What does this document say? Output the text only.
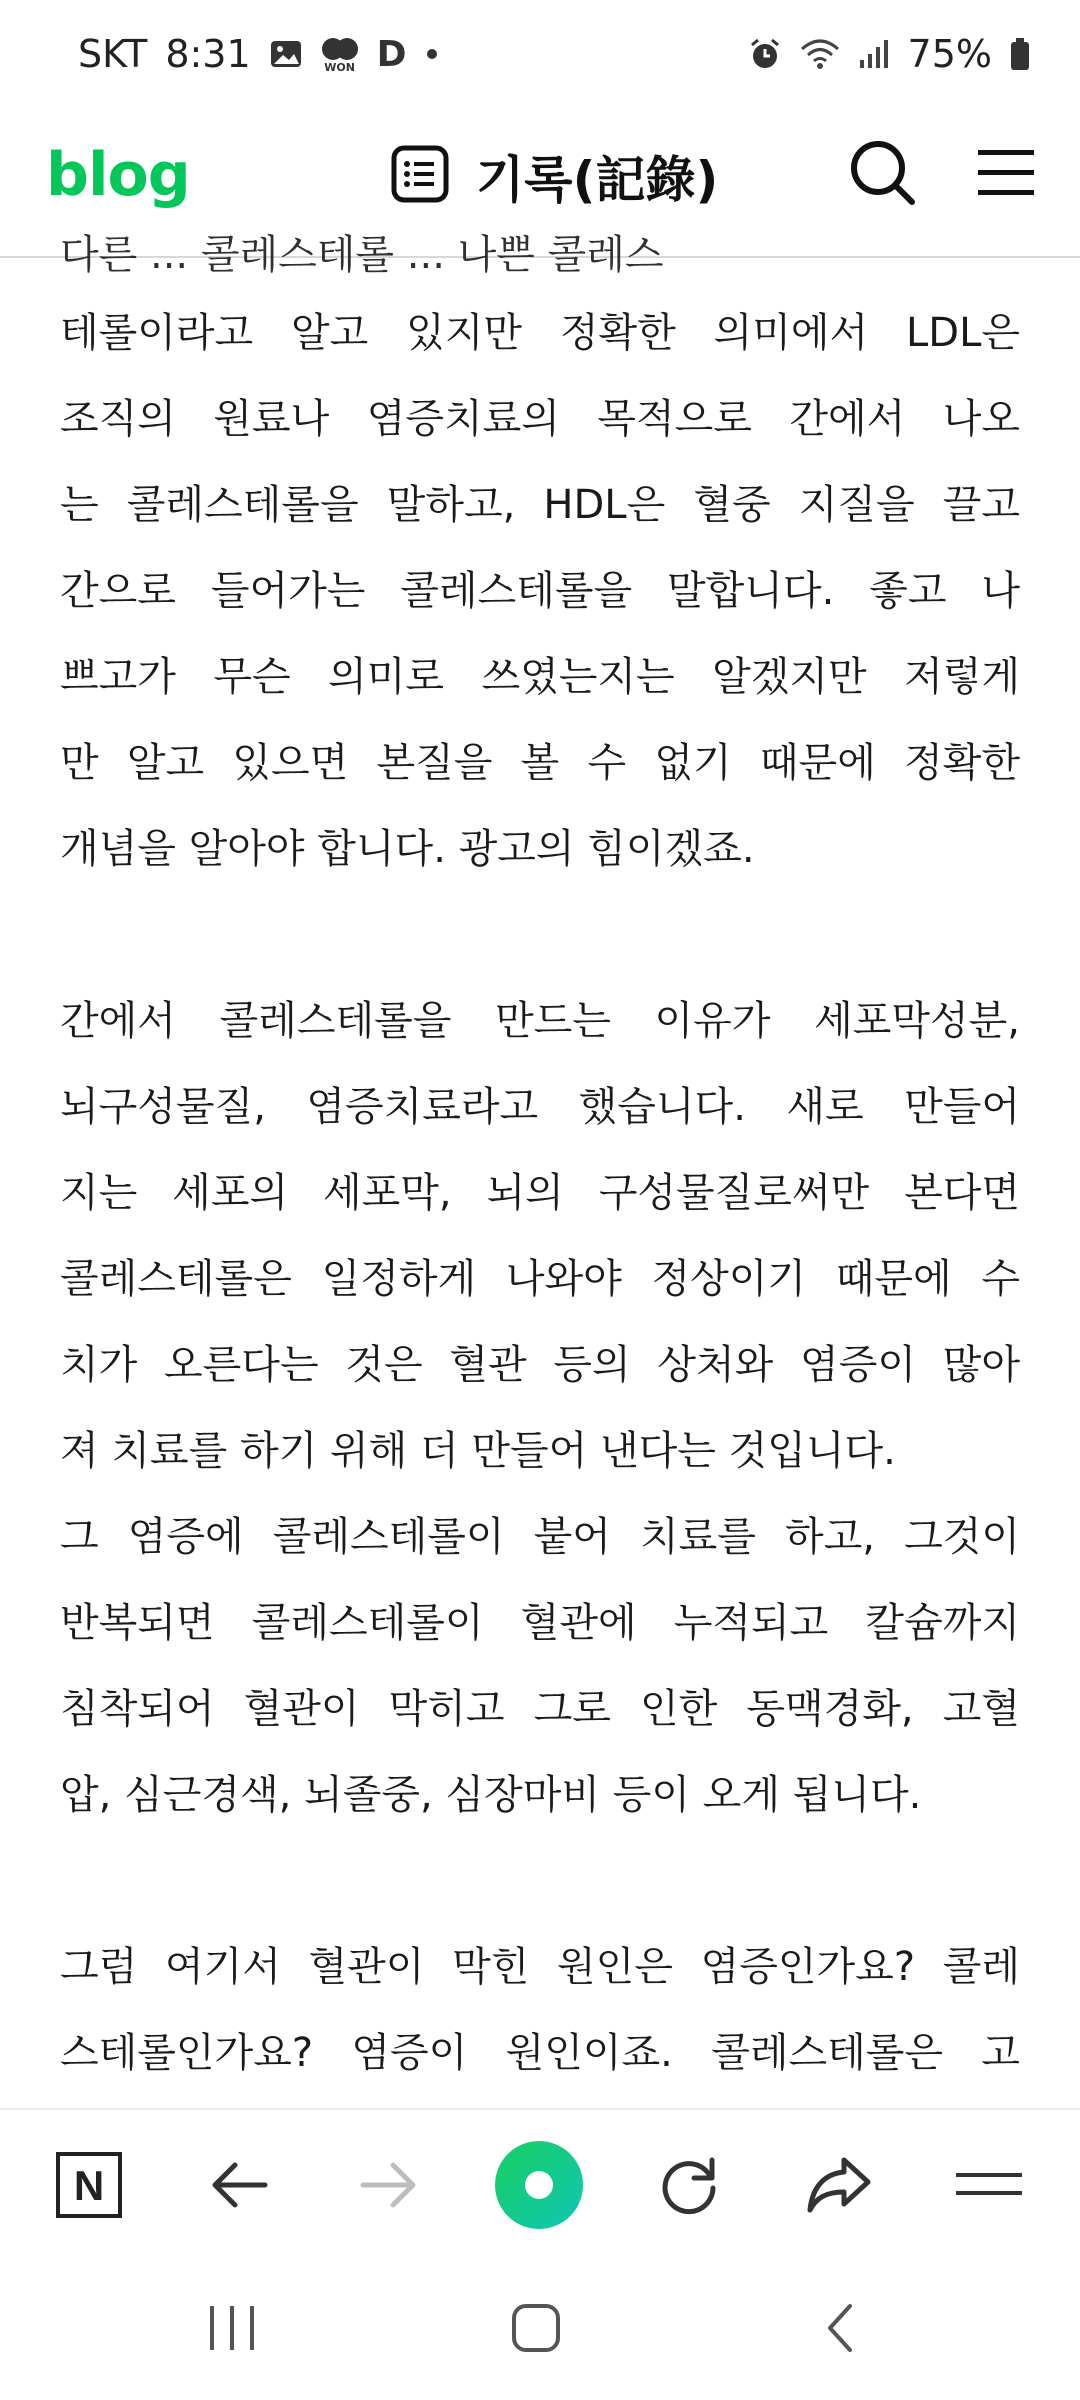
SKT 8:31	WON D	75%
blog	기록(記錄)
다른 ... 콜레스테롤 ... 나쁜 콜레스
테롤이라고 알고 있지만 정확한 의미에서 LDL은
조직의 원료나 염증치료의 목적으로 간에서 나오
는 콜레스테롤을 말하고, HDL은 혈중 지질을 끌고
간으로 들어가는 콜레스테롤을 말합니다. 좋고 나
쁘고가 무슨 의미로 쓰였는지는 알겠지만 저렇게
만 알고 있으면 본질을 볼 수 없기 때문에 정확한
개념을 알아야 합니다. 광고의 힘이겠죠.
간에서 콜레스테롤을 만드는 이유가 세포막성분,
뇌구성물질, 염증치료라고 했습니다. 새로 만들어
지는 세포의 세포막, 뇌의 구성물질로써만 본다면
콜레스테롤은 일정하게 나와야 정상이기 때문에 수
치가 오른다는 것은 혈관 등의 상처와 염증이 많아
져 치료를 하기 위해 더 만들어 낸다는 것입니다.
그 염증에 콜레스테롤이 붙어 치료를 하고, 그것이
반복되면 콜레스테롤이 혈관에 누적되고 칼슘까지
침착되어 혈관이 막히고 그로 인한 동맥경화, 고혈
압, 심근경색, 뇌졸중, 심장마비 등이 오게 됩니다.
그럼 여기서 혈관이 막힌 원인은 염증인가요? 콜레
스테롤인가요? 염증이 원인이죠. 콜레스테롤은 고
N
